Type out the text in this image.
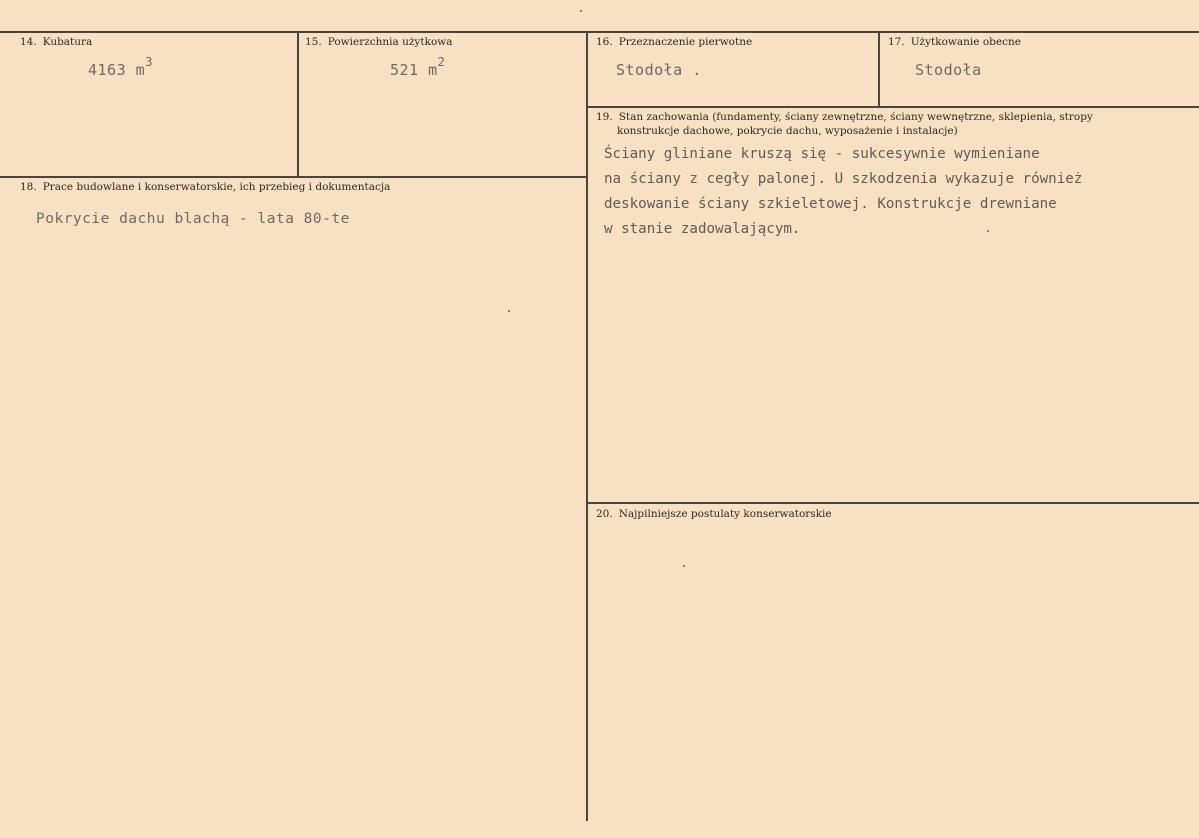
14. Kubatura
4163 $m^3$
15. Powierzchnia użytkowa
521 $m^2$
16. Przeznaczenie pierwotne
Stodoła .
17. Użytkowanie obecne
Stodoła
18. Prace budowlane i konserwatorskie, ich przebieg i dokumentacja
Pokrycie dachu blachą - lata 80-te
19. Stan zachowania (fundamenty, ściany zewnętrzne, ściany wewnętrzne, sklepienia, stropy
konstrukcje dachowe, pokrycie dachu, wyposażenie i instalacje)
Ściany gliniane kruszą się - sukcesywnie wymieniane
na ściany z cegły palonej. U szkodzenia wykazuje również
deskowanie ściany szkieletowej. Konstrukcje drewniane
w stanie zadowalającym.
20. Najpilniejsze postulaty konserwatorskie
